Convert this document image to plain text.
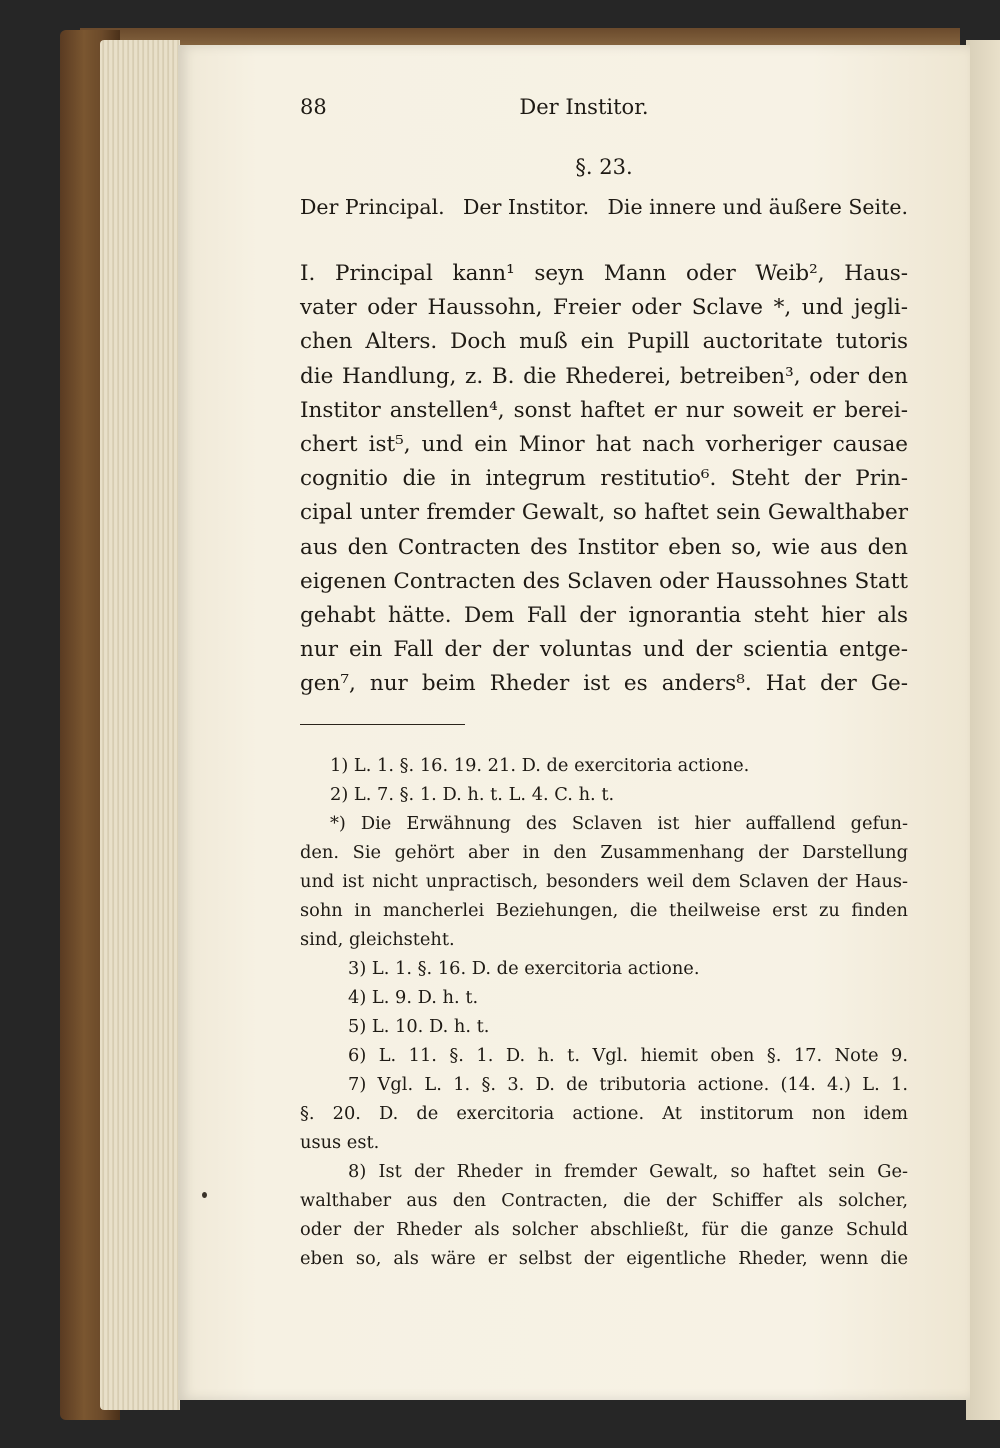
88	Der Institor.
§. 23.
Der Principal. Der Institor. Die innere und äußere Seite.
I. Principal kann¹ seyn Mann oder Weib², Haus-
vater oder Haussohn, Freier oder Sclave *, und jegli-
chen Alters. Doch muß ein Pupill auctoritate tutoris
die Handlung, z. B. die Rhederei, betreiben³, oder den
Institor anstellen⁴, sonst haftet er nur soweit er berei-
chert ist⁵, und ein Minor hat nach vorheriger causae
cognitio die in integrum restitutio⁶. Steht der Prin-
cipal unter fremder Gewalt, so haftet sein Gewalthaber
aus den Contracten des Institor eben so, wie aus den
eigenen Contracten des Sclaven oder Haussohnes Statt
gehabt hätte. Dem Fall der ignorantia steht hier als
nur ein Fall der der voluntas und der scientia entge-
gen⁷, nur beim Rheder ist es anders⁸. Hat der Ge-
1) L. 1. §. 16. 19. 21. D. de exercitoria actione.
2) L. 7. §. 1. D. h. t. L. 4. C. h. t.
*) Die Erwähnung des Sclaven ist hier auffallend gefun-
den. Sie gehört aber in den Zusammenhang der Darstellung
und ist nicht unpractisch, besonders weil dem Sclaven der Haus-
sohn in mancherlei Beziehungen, die theilweise erst zu finden
sind, gleichsteht.
3) L. 1. §. 16. D. de exercitoria actione.
4) L. 9. D. h. t.
5) L. 10. D. h. t.
6) L. 11. §. 1. D. h. t. Vgl. hiemit oben §. 17. Note 9.
7) Vgl. L. 1. §. 3. D. de tributoria actione. (14. 4.) L. 1.
§. 20. D. de exercitoria actione. At institorum non idem
usus est.
8) Ist der Rheder in fremder Gewalt, so haftet sein Ge-
walthaber aus den Contracten, die der Schiffer als solcher,
oder der Rheder als solcher abschließt, für die ganze Schuld
eben so, als wäre er selbst der eigentliche Rheder, wenn die
